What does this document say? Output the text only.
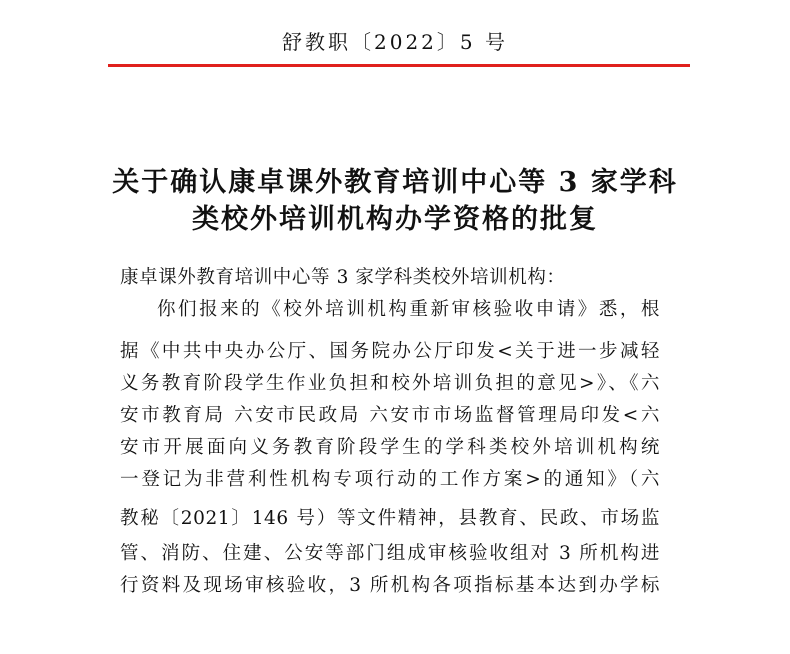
舒教职〔2022〕5 号
关于确认康卓课外教育培训中心等 3 家学科
类校外培训机构办学资格的批复
康卓课外教育培训中心等 3 家学科类校外培训机构：
你们报来的《校外培训机构重新审核验收申请》悉，根
据《中共中央办公厅、国务院办公厅印发<关于进一步减轻
义务教育阶段学生作业负担和校外培训负担的意见>》、《六
安市教育局 六安市民政局 六安市市场监督管理局印发<六
安市开展面向义务教育阶段学生的学科类校外培训机构统
一登记为非营利性机构专项行动的工作方案>的通知》（六
教秘〔2021〕146 号）等文件精神，县教育、民政、市场监
管、消防、住建、公安等部门组成审核验收组对 3 所机构进
行资料及现场审核验收，3 所机构各项指标基本达到办学标
